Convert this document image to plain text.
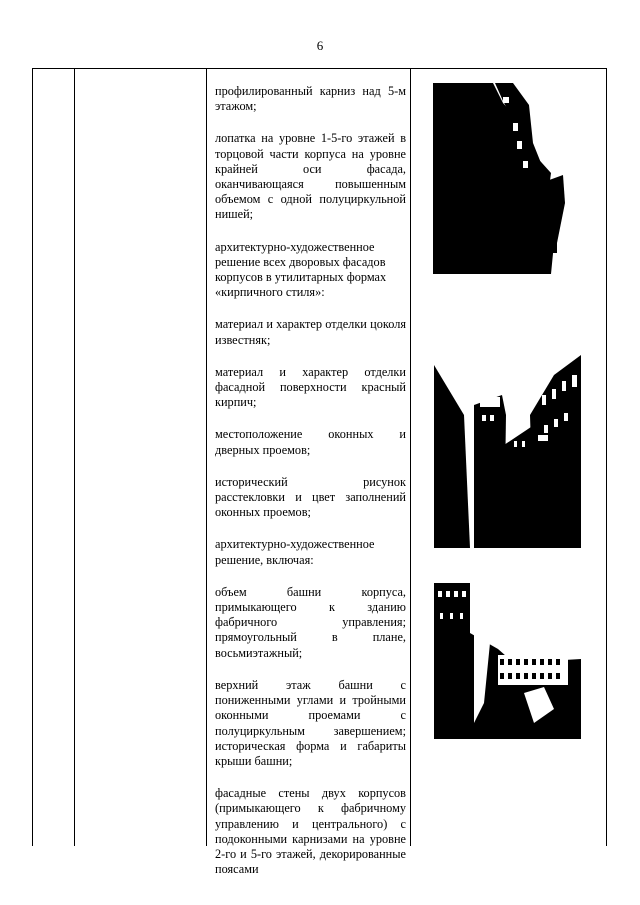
6

профилированный карниз над 5-м этажом;

лопатка на уровне 1-5-го этажей в торцовой части корпуса на уровне крайней оси фасада, оканчивающаяся повышенным объемом с одной полуциркульной нишей;

архитектурно-художественное решение всех дворовых фасадов корпусов в утилитарных формах «кирпичного стиля»:

материал и характер отделки цоколя известняк;

материал и характер отделки фасадной поверхности красный кирпич;

местоположение оконных и дверных проемов;

исторический рисунок расстекловки и цвет заполнений оконных проемов;

архитектурно-художественное решение, включая:

объем башни корпуса, примыкающего к зданию фабричного управления; прямоугольный в плане, восьмиэтажный;

верхний этаж башни с пониженными углами и тройными оконными проемами с полуциркульным завершением; историческая форма и габариты крыши башни;

фасадные стены двух корпусов (примыкающего к фабричному управлению и центрального) с подоконными карнизами на уровне 2-го и 5-го этажей, декорированные поясами
